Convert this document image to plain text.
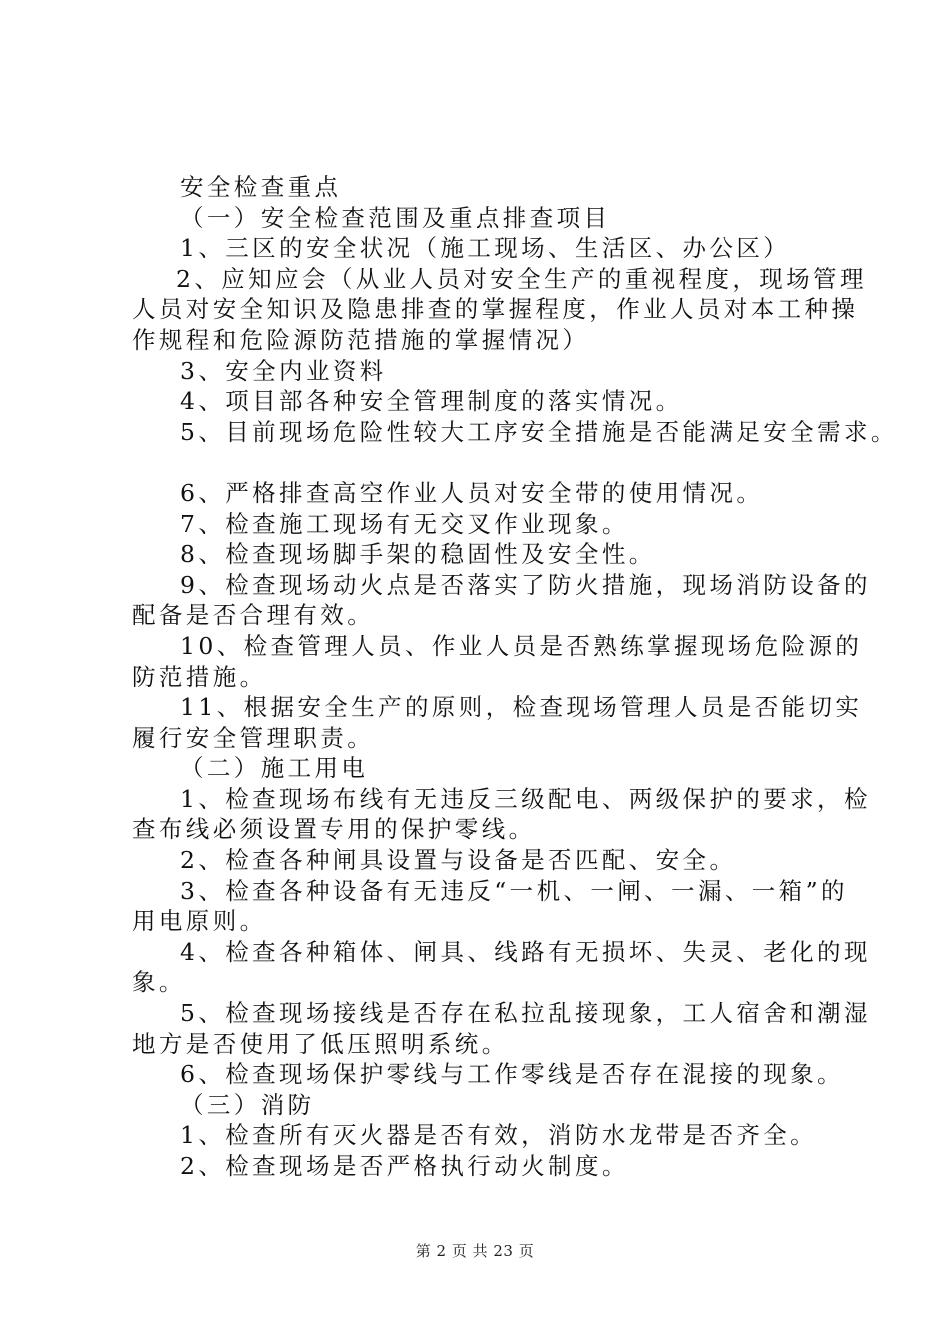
安全检查重点
（一）安全检查范围及重点排查项目
1、三区的安全状况（施工现场、生活区、办公区）
2、应知应会（从业人员对安全生产的重视程度，现场管理
人员对安全知识及隐患排查的掌握程度，作业人员对本工种操
作规程和危险源防范措施的掌握情况）
3、安全内业资料
4、项目部各种安全管理制度的落实情况。
5、目前现场危险性较大工序安全措施是否能满足安全需求。
6、严格排查高空作业人员对安全带的使用情况。
7、检查施工现场有无交叉作业现象。
8、检查现场脚手架的稳固性及安全性。
9、检查现场动火点是否落实了防火措施，现场消防设备的
配备是否合理有效。
10、检查管理人员、作业人员是否熟练掌握现场危险源的
防范措施。
11、根据安全生产的原则，检查现场管理人员是否能切实
履行安全管理职责。
（二）施工用电
1、检查现场布线有无违反三级配电、两级保护的要求，检
查布线必须设置专用的保护零线。
2、检查各种闸具设置与设备是否匹配、安全。
3、检查各种设备有无违反“一机、一闸、一漏、一箱”的
用电原则。
4、检查各种箱体、闸具、线路有无损坏、失灵、老化的现
象。
5、检查现场接线是否存在私拉乱接现象，工人宿舍和潮湿
地方是否使用了低压照明系统。
6、检查现场保护零线与工作零线是否存在混接的现象。
（三）消防
1、检查所有灭火器是否有效，消防水龙带是否齐全。
2、检查现场是否严格执行动火制度。
第 2 页 共 23 页
